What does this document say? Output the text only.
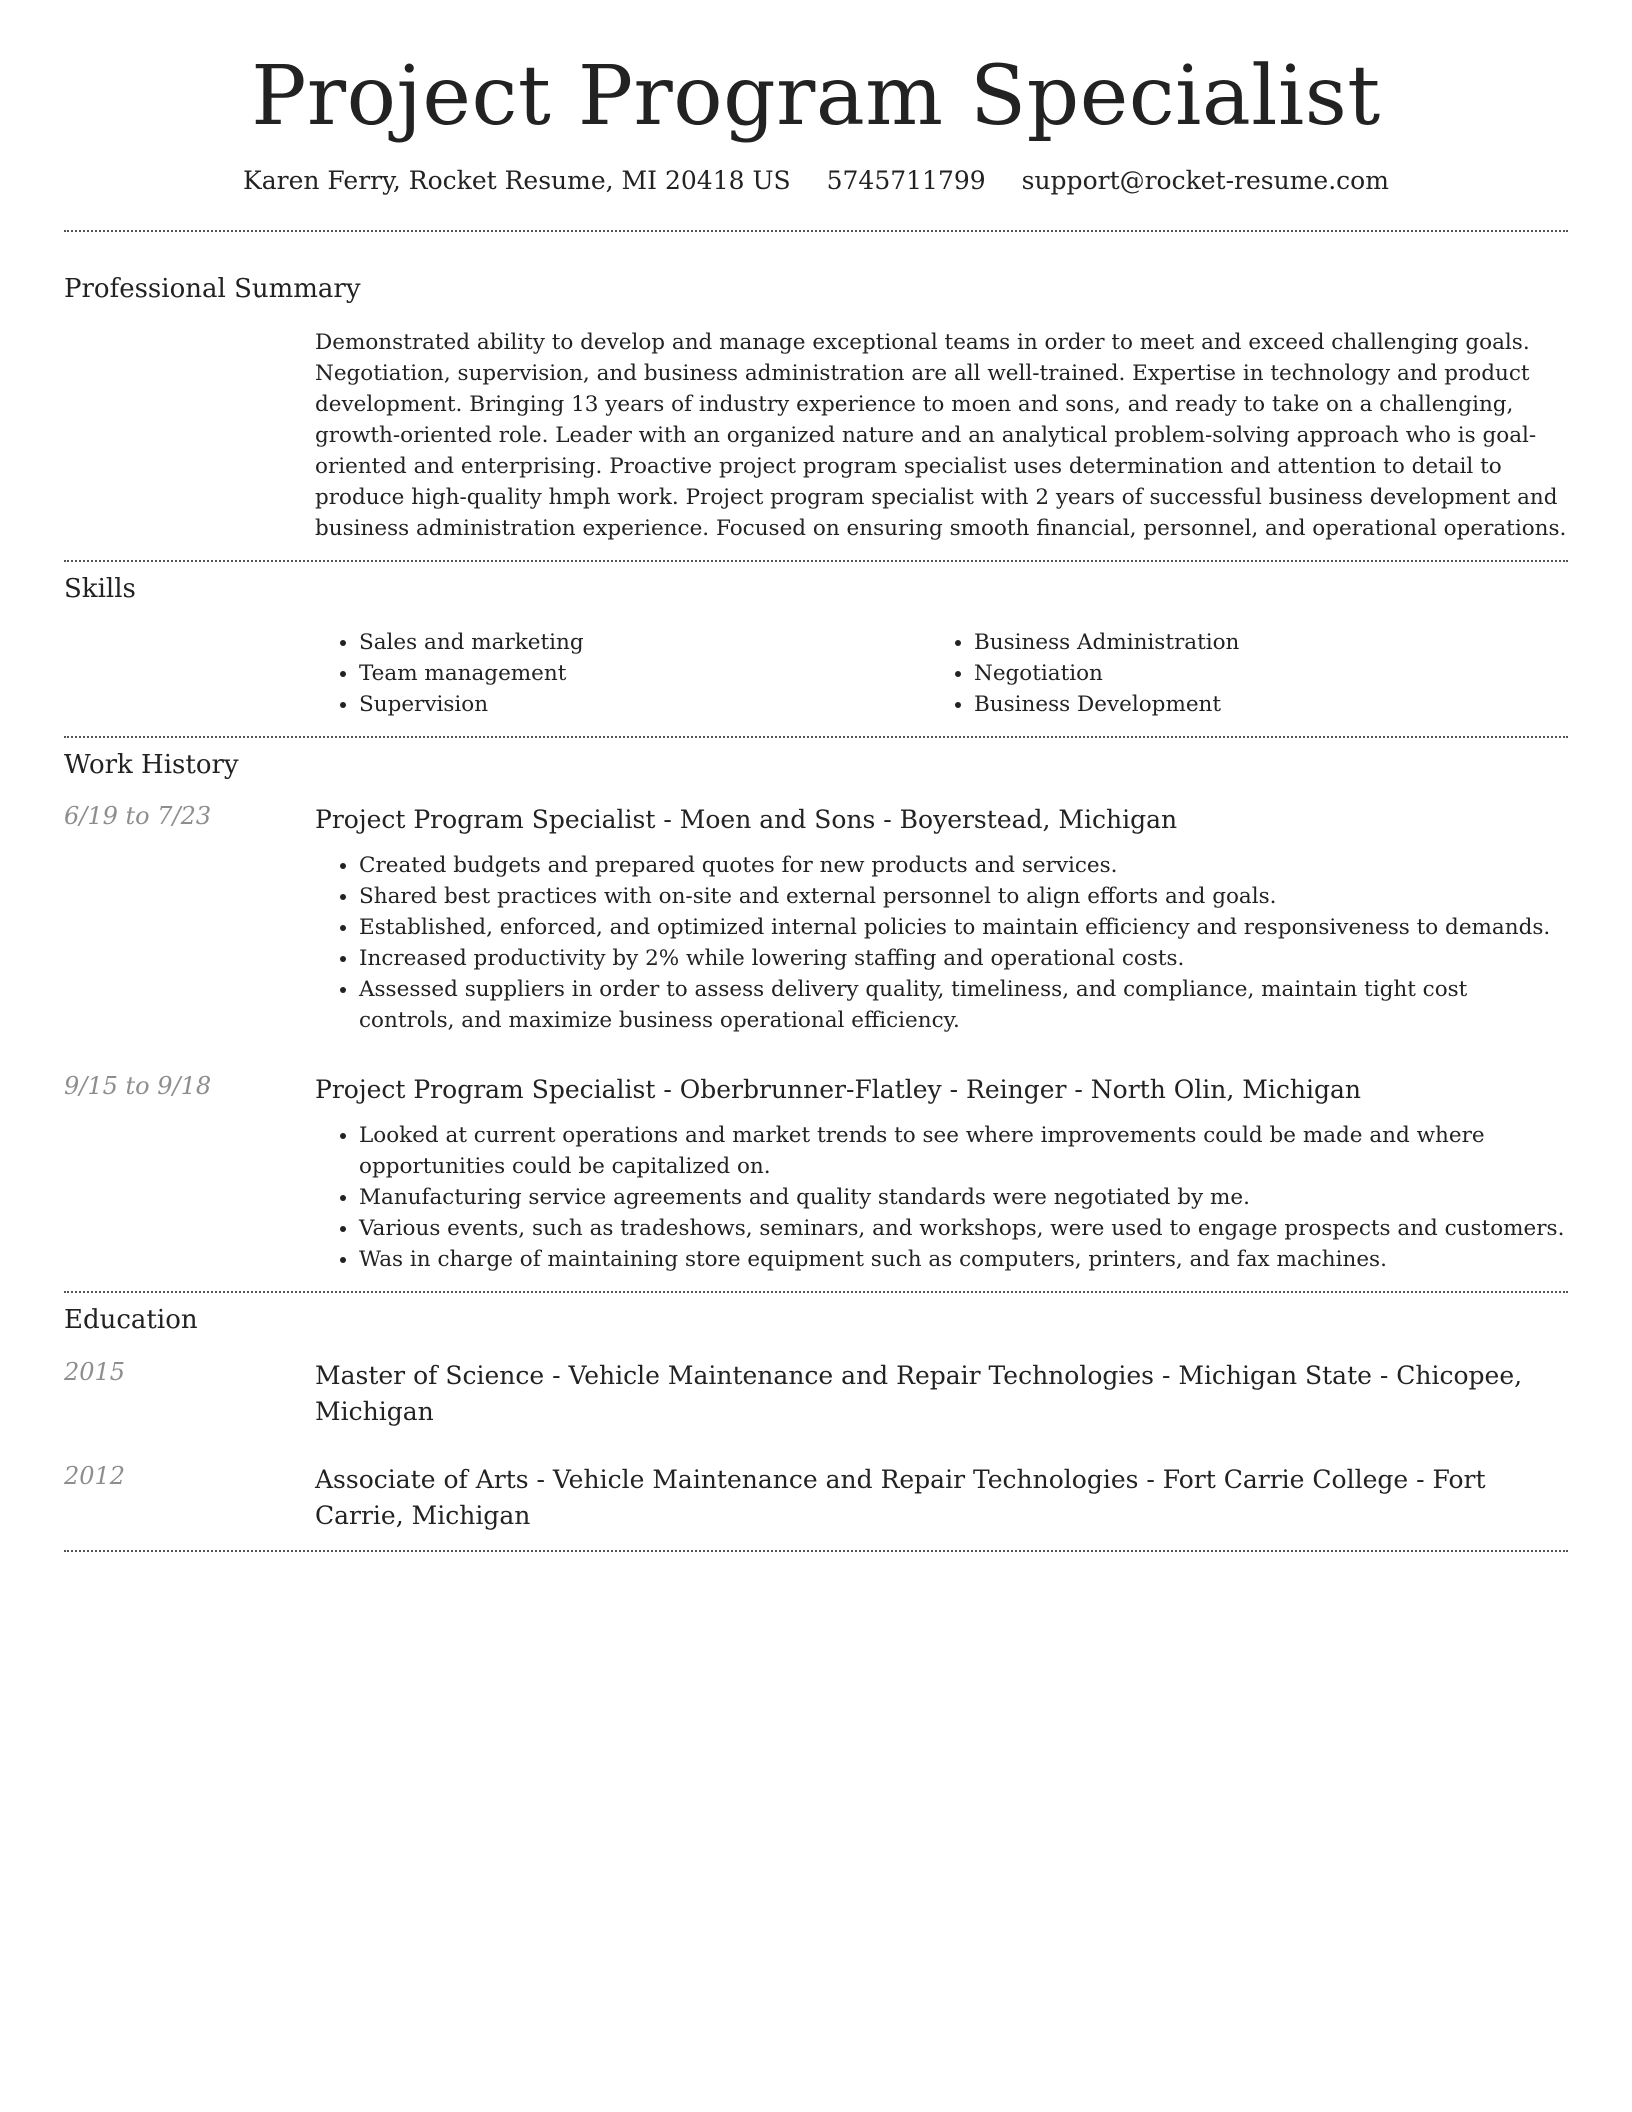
Project Program Specialist
Karen Ferry, Rocket Resume, MI 20418 US 5745711799 support@rocket-resume.com
Professional Summary

Demonstrated ability to develop and manage exceptional teams in order to meet and exceed challenging goals. Negotiation, supervision, and business administration are all well-trained. Expertise in technology and product development. Bringing 13 years of industry experience to moen and sons, and ready to take on a challenging, growth-oriented role. Leader with an organized nature and an analytical problem-solving approach who is goal-oriented and enterprising. Proactive project program specialist uses determination and attention to detail to produce high-quality hmph work. Project program specialist with 2 years of successful business development and business administration experience. Focused on ensuring smooth financial, personnel, and operational operations.

Skills
• Sales and marketing
• Team management
• Supervision
• Business Administration
• Negotiation
• Business Development
Work History
6/19 to 7/23	Project Program Specialist - Moen and Sons - Boyerstead, Michigan
• Created budgets and prepared quotes for new products and services.
• Shared best practices with on-site and external personnel to align efforts and goals.
• Established, enforced, and optimized internal policies to maintain efficiency and responsiveness to demands.
• Increased productivity by 2% while lowering staffing and operational costs.
• Assessed suppliers in order to assess delivery quality, timeliness, and compliance, maintain tight cost controls, and maximize business operational efficiency.
9/15 to 9/18	Project Program Specialist - Oberbrunner-Flatley - Reinger - North Olin, Michigan
• Looked at current operations and market trends to see where improvements could be made and where opportunities could be capitalized on.
• Manufacturing service agreements and quality standards were negotiated by me.
• Various events, such as tradeshows, seminars, and workshops, were used to engage prospects and customers.
• Was in charge of maintaining store equipment such as computers, printers, and fax machines.
Education
2015	Master of Science - Vehicle Maintenance and Repair Technologies - Michigan State - Chicopee, Michigan
2012	Associate of Arts - Vehicle Maintenance and Repair Technologies - Fort Carrie College - Fort Carrie, Michigan
